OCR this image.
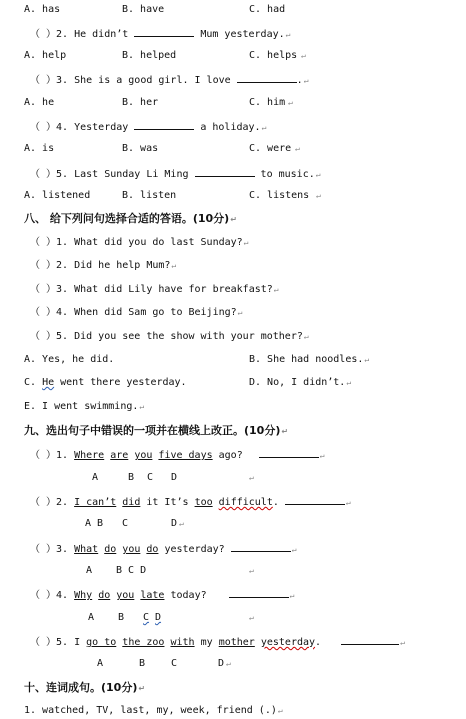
A. has	B. have	C. had
（ ）2. He didn’t	Mum yesterday.↵
A. help	B. helped	C. helps ↵
（ ）3. She is a good girl. I love	.↵
A. he	B. her	C. him ↵
（ ）4. Yesterday	a holiday.↵
A. is	B. was	C. were ↵
（ ）5. Last Sunday Li Ming	to music.↵
A. listened	B. listen	C. listens ↵
八、 给下列问句选择合适的答语。(10分)↵
（ ）1. What did you do last Sunday?↵
（ ）2. Did he help Mum?↵
（ ）3. What did Lily have for breakfast?↵
（ ）4. When did Sam go to Beijing?↵
（ ）5. Did you see the show with your mother?↵
A. Yes, he did.	B. She had noodles.↵
C. He went there yesterday.	D. No, I didn’t.↵
E. I went swimming.↵
九、选出句子中错误的一项并在横线上改正。(10分)↵
（ ）1. Where are you five days ago?	↵
A	B C D	↵
（ ）2. I can’t did it It’s too difficult.	↵
A B C	D ↵
（ ）3. What do you do yesterday?	↵
A B C D	↵
（ ）4. Why do you late today?	↵
A B C D	↵
（ ）5. I go to the zoo with my mother yesterday.	↵
A	B	C	D ↵
十、连词成句。(10分)↵
1. watched, TV, last, my, week, friend (.)↵
